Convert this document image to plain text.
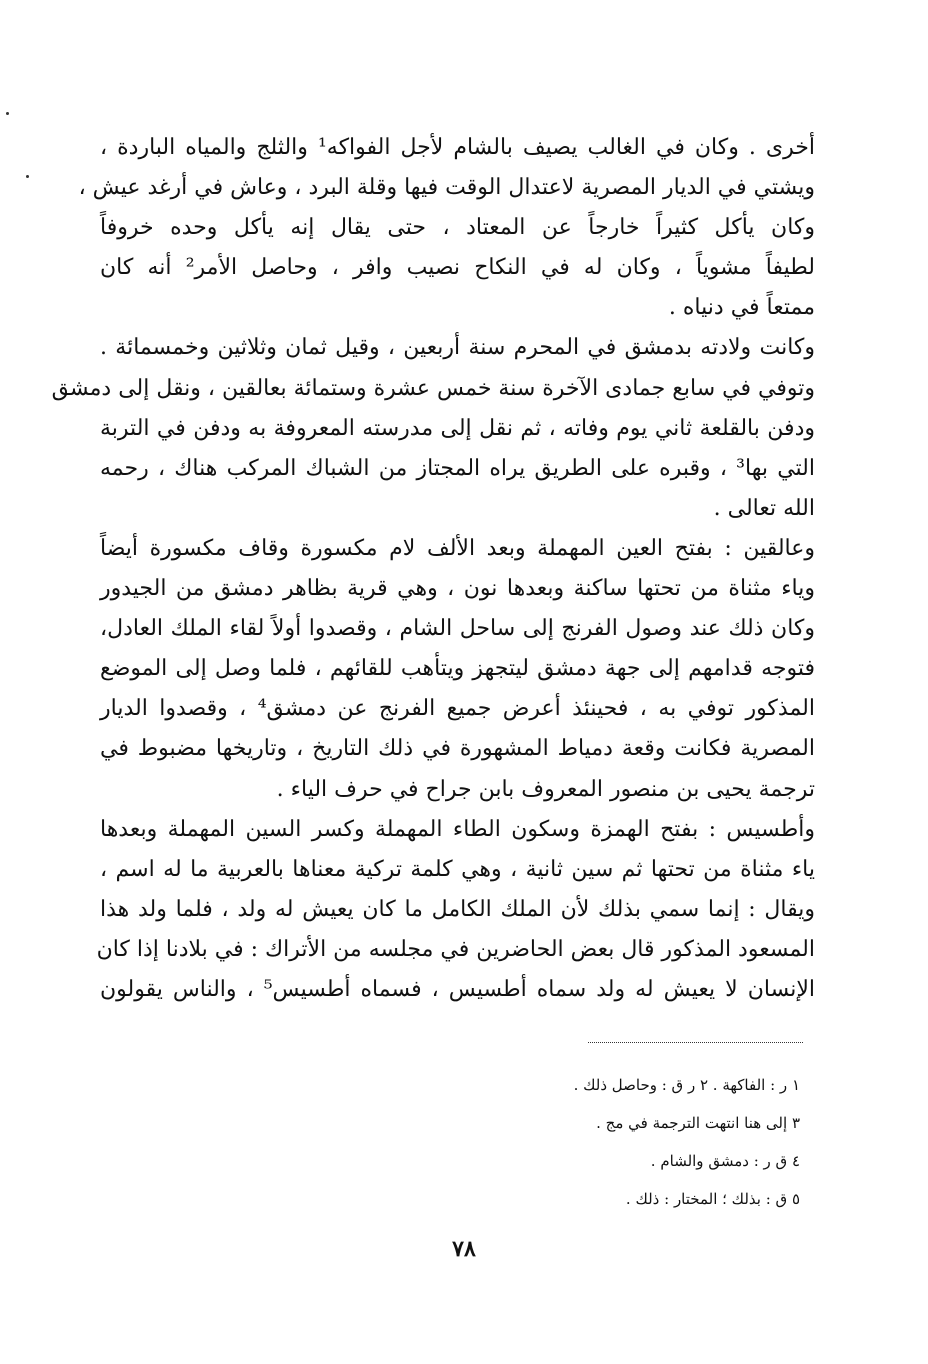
أخرى . وكان في الغالب يصيف بالشام لأجل الفواكه¹ والثلج والمياه الباردة ،
ويشتي في الديار المصرية لاعتدال الوقت فيها وقلة البرد ، وعاش في أرغد عيش ،
وكان يأكل كثيراً خارجاً عن المعتاد ، حتى يقال إنه يأكل وحده خروفاً
لطيفاً مشوياً ، وكان له في النكاح نصيب وافر ، وحاصل الأمر² أنه كان
ممتعاً في دنياه .
وكانت ولادته بدمشق في المحرم سنة أربعين ، وقيل ثمان وثلاثين وخمسمائة .
وتوفي في سابع جمادى الآخرة سنة خمس عشرة وستمائة بعالقين ، ونقل إلى دمشق
ودفن بالقلعة ثاني يوم وفاته ، ثم نقل إلى مدرسته المعروفة به ودفن في التربة
التي بها³ ، وقبره على الطريق يراه المجتاز من الشباك المركب هناك ، رحمه
الله تعالى .
وعالقين : بفتح العين المهملة وبعد الألف لام مكسورة وقاف مكسورة أيضاً
وياء مثناة من تحتها ساكنة وبعدها نون ، وهي قرية بظاهر دمشق من الجيدور
وكان ذلك عند وصول الفرنج إلى ساحل الشام ، وقصدوا أولاً لقاء الملك العادل،
فتوجه قدامهم إلى جهة دمشق ليتجهز ويتأهب للقائهم ، فلما وصل إلى الموضع
المذكور توفي به ، فحينئذ أعرض جميع الفرنج عن دمشق⁴ ، وقصدوا الديار
المصرية فكانت وقعة دمياط المشهورة في ذلك التاريخ ، وتاريخها مضبوط في
ترجمة يحيى بن منصور المعروف بابن جراح في حرف الياء .
وأطسيس : بفتح الهمزة وسكون الطاء المهملة وكسر السين المهملة وبعدها
ياء مثناة من تحتها ثم سين ثانية ، وهي كلمة تركية معناها بالعربية ما له اسم ،
ويقال : إنما سمي بذلك لأن الملك الكامل ما كان يعيش له ولد ، فلما ولد هذا
المسعود المذكور قال بعض الحاضرين في مجلسه من الأتراك : في بلادنا إذا كان
الإنسان لا يعيش له ولد سماه أطسيس ، فسماه أطسيس⁵ ، والناس يقولون
١ ر : الفاكهة . ٢ ر ق : وحاصل ذلك .
٣ إلى هنا انتهت الترجمة في مج .
٤ ق ر : دمشق والشام .
٥ ق : بذلك ؛ المختار : ذلك .
٧٨
